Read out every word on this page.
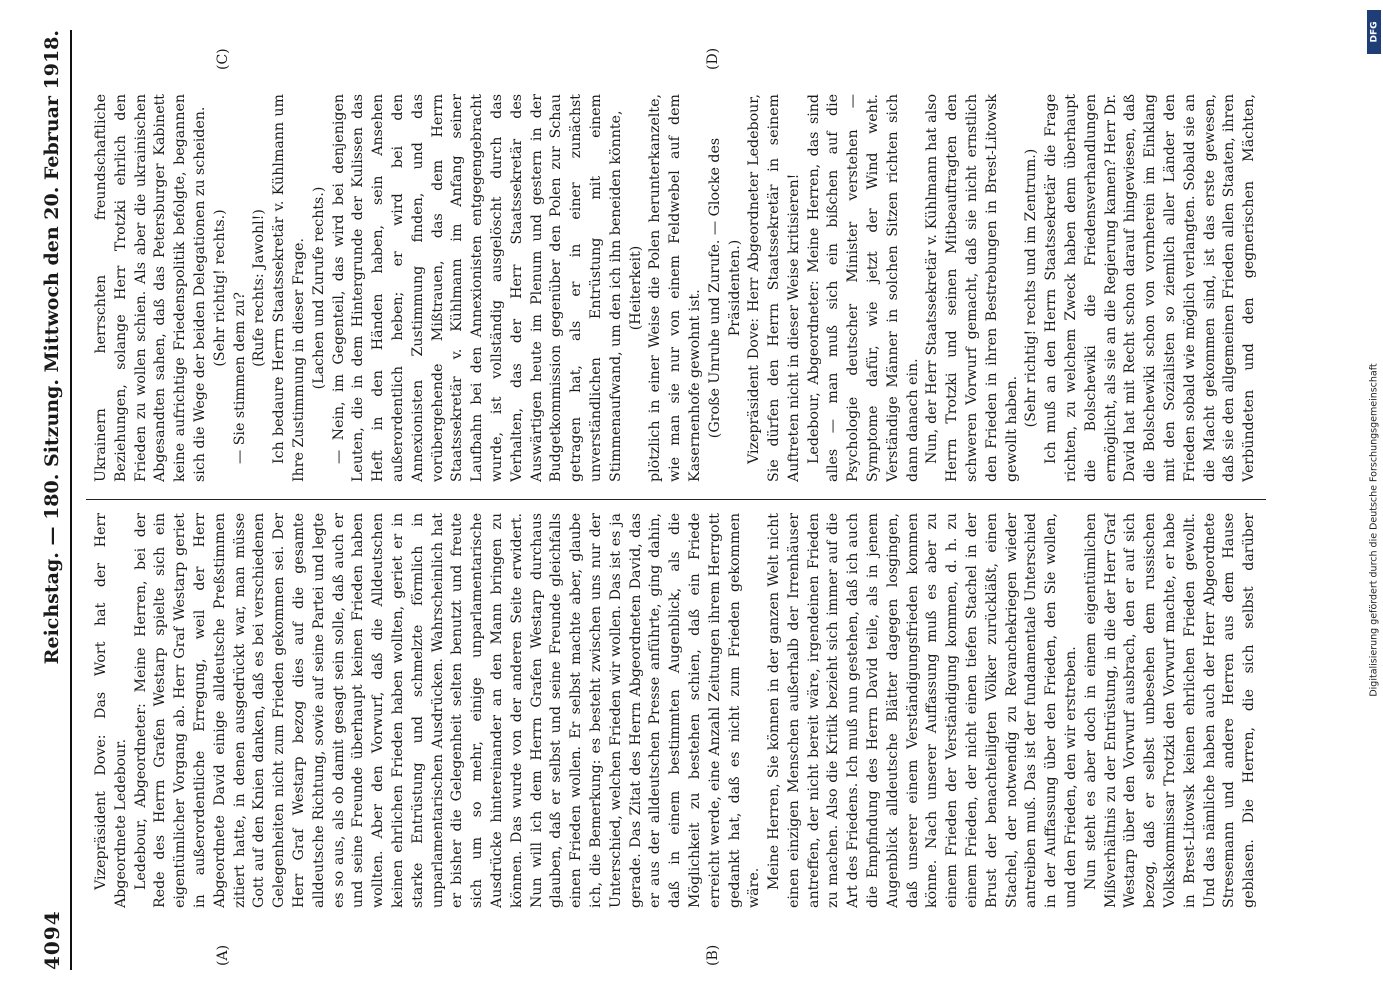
4094
Reichstag. — 180. Sitzung. Mittwoch den 20. Februar 1918.
(A)	(B)
(C)	(D)

Vizepräsident Dove: Das Wort hat der Herr Abgeordnete Ledebour. Ledebour, Abgeordneter: Meine Herren, bei der Rede des Herrn Grafen Westarp spielte sich ein eigentümlicher Vorgang ab. Herr Graf Westarp geriet in außerordentliche Erregung, weil der Herr Abgeordnete David einige alldeutsche Preßstimmen zitiert hatte, in denen ausgedrückt war, man müsse Gott auf den Knien danken, daß es bei verschiedenen Gelegenheiten nicht zum Frieden gekommen sei. Der Herr Graf Westarp bezog dies auf die gesamte alldeutsche Richtung, sowie auf seine Partei und legte es so aus, als ob damit gesagt sein solle, daß auch er und seine Freunde überhaupt keinen Frieden haben wollten. Aber den Vorwurf, daß die Alldeutschen keinen ehrlichen Frieden haben wollten, geriet er in starke Entrüstung und schmelzte förmlich in unparlamentarischen Ausdrücken. Wahrscheinlich hat er bisher die Gelegenheit selten benutzt und freute sich um so mehr, einige unparlamentarische Ausdrücke hintereinander an den Mann bringen zu können. Das wurde von der anderen Seite erwidert. Nun will ich dem Herrn Grafen Westarp durchaus glauben, daß er selbst und seine Freunde gleichfalls einen Frieden wollen. Er selbst machte aber, glaube ich, die Bemerkung: es besteht zwischen uns nur der Unterschied, welchen Frieden wir wollen. Das ist es ja gerade. Das Zitat des Herrn Abgeordneten David, das er aus der alldeutschen Presse anführte, ging dahin, daß in einem bestimmten Augenblick, als die Möglichkeit zu bestehen schien, daß ein Friede erreicht werde, eine Anzahl Zeitungen ihrem Herrgott gedankt hat, daß es nicht zum Frieden gekommen wäre. Meine Herren, Sie können in der ganzen Welt nicht einen einzigen Menschen außerhalb der Irrenhäuser antreffen, der nicht bereit wäre, irgendeinen Frieden zu machen. Also die Kritik bezieht sich immer auf die Art des Friedens. Ich muß nun gestehen, daß ich auch die Empfindung des Herrn David teile, als in jenem Augenblick alldeutsche Blätter dagegen losgingen, daß unserer einem Verständigungsfrieden kommen könne. Nach unserer Auffassung muß es aber zu einem Frieden der Verständigung kommen, d. h. zu einem Frieden, der nicht einen tiefen Stachel in der Brust der benachteiligten Völker zurückläßt, einen Stachel, der notwendig zu Revanchekriegen wieder antreiben muß. Das ist der fundamentale Unterschied in der Auffassung über den Frieden, den Sie wollen, und den Frieden, den wir erstreben. Nun steht es aber doch in einem eigentümlichen Mißverhältnis zu der Entrüstung, in die der Herr Graf Westarp über den Vorwurf ausbrach, den er auf sich bezog, daß er selbst unbesehen dem russischen Volkskommissar Trotzki den Vorwurf machte, er habe in Brest-Litowsk keinen ehrlichen Frieden gewollt. Und das nämliche haben auch der Herr Abgeordnete Stresemann und andere Herren aus dem Hause geblasen. Die Herren, die sich selbst darüber

Ukrainern herrschten freundschaftliche Beziehungen, solange Herr Trotzki ehrlich den Frieden zu wollen schien. Als aber die ukrainischen Abgesandten sahen, daß das Petersburger Kabinett keine aufrichtige Friedenspolitik befolgte, begannen sich die Wege der beiden Delegationen zu scheiden. (Sehr richtig! rechts.)

— Sie stimmen dem zu?

(Rufe rechts: Jawohl!) Ich bedaure Herrn Staatssekretär v. Kühlmann um Ihre Zustimmung in dieser Frage. (Lachen und Zurufe rechts.) — Nein, im Gegenteil, das wird bei denjenigen Leuten, die in dem Hintergrunde der Kulissen das Heft in den Händen haben, sein Ansehen außerordentlich heben; er wird bei den Annexionisten Zustimmung finden, und das vorübergehende Mißtrauen, das dem Herrn Staatssekretär v. Kühlmann im Anfang seiner Laufbahn bei den Annexionisten entgegengebracht wurde, ist vollständig ausgelöscht durch das Verhalten, das der Herr Staatssekretär des Auswärtigen heute im Plenum und gestern in der Budgetkommission gegenüber den Polen zur Schau getragen hat, als er in einer zunächst unverständlichen Entrüstung mit einem Stimmenaufwand, um den ich ihn beneiden könnte, (Heiterkeit) plötzlich in einer Weise die Polen herunterkanzelte, wie man sie nur von einem Feldwebel auf dem Kasernenhofe gewohnt ist. (Große Unruhe und Zurufe. — Glocke des Präsidenten.) Vizepräsident Dove: Herr Abgeordneter Ledebour, Sie dürfen den Herrn Staatssekretär in seinem Auftreten nicht in dieser Weise kritisieren! Ledebour, Abgeordneter: Meine Herren, das sind alles — man muß sich ein bißchen auf die Psychologie deutscher Minister verstehen — Symptome dafür, wie jetzt der Wind weht. Verständige Männer in solchen Sitzen richten sich dann danach ein. Nun, der Herr Staatssekretär v. Kühlmann hat also Herrn Trotzki und seinen Mitbeauftragten den schweren Vorwurf gemacht, daß sie nicht ernstlich den Frieden in ihren Bestrebungen in Brest-Litowsk gewollt haben.

(Sehr richtig! rechts und im Zentrum.)

Ich muß an den Herrn Staatssekretär die Frage richten, zu welchem Zweck haben denn überhaupt die Bolschewiki die Friedensverhandlungen ermöglicht, als sie an die Regierung kamen? Herr Dr. David hat mit Recht schon darauf hingewiesen, daß die Bolschewiki schon von vornherein im Einklang mit den Sozialisten so ziemlich aller Länder den Frieden sobald wie möglich verlangten. Sobald sie an die Macht gekommen sind, ist das erste gewesen, daß sie den allgemeinen Frieden allen Staaten, ihren Verbündeten und den gegnerischen Mächten,

DFG
Digitalisierung gefördert durch die Deutsche Forschungsgemeinschaft
